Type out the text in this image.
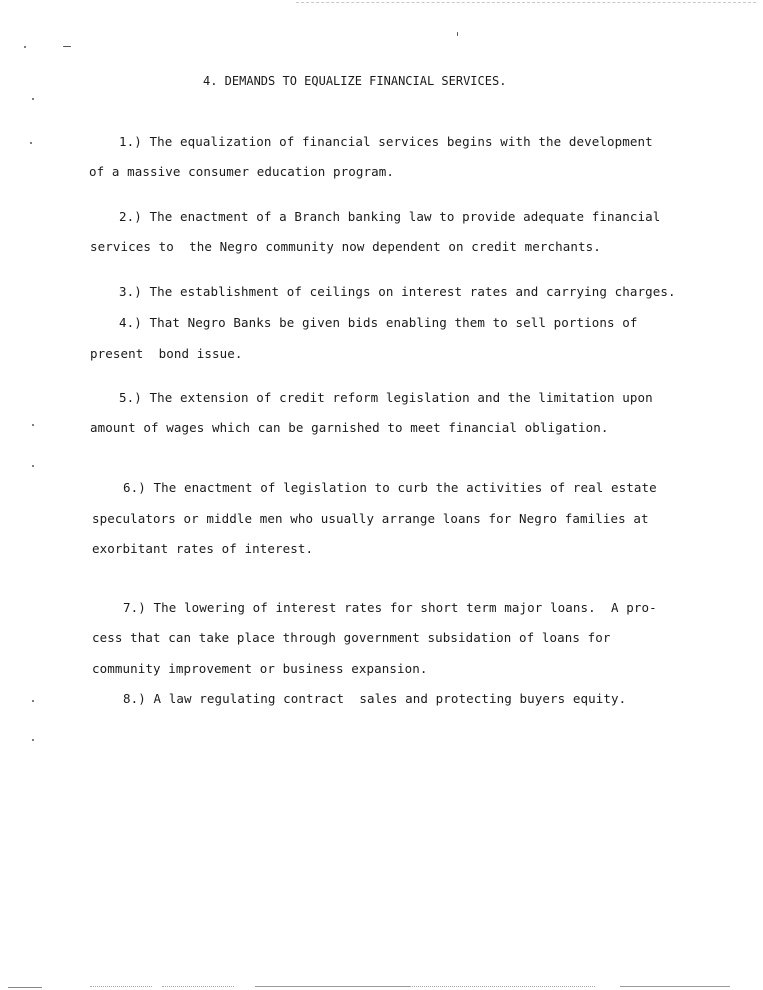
4. DEMANDS TO EQUALIZE FINANCIAL SERVICES.
1.) The equalization of financial services begins with the development
of a massive consumer education program.
2.) The enactment of a Branch banking law to provide adequate financial
services to  the Negro community now dependent on credit merchants.
3.) The establishment of ceilings on interest rates and carrying charges.
4.) That Negro Banks be given bids enabling them to sell portions of
present  bond issue.
5.) The extension of credit reform legislation and the limitation upon
amount of wages which can be garnished to meet financial obligation.
6.) The enactment of legislation to curb the activities of real estate
speculators or middle men who usually arrange loans for Negro families at
exorbitant rates of interest.
7.) The lowering of interest rates for short term major loans.  A pro-
cess that can take place through government subsidation of loans for
community improvement or business expansion.
8.) A law regulating contract  sales and protecting buyers equity.
